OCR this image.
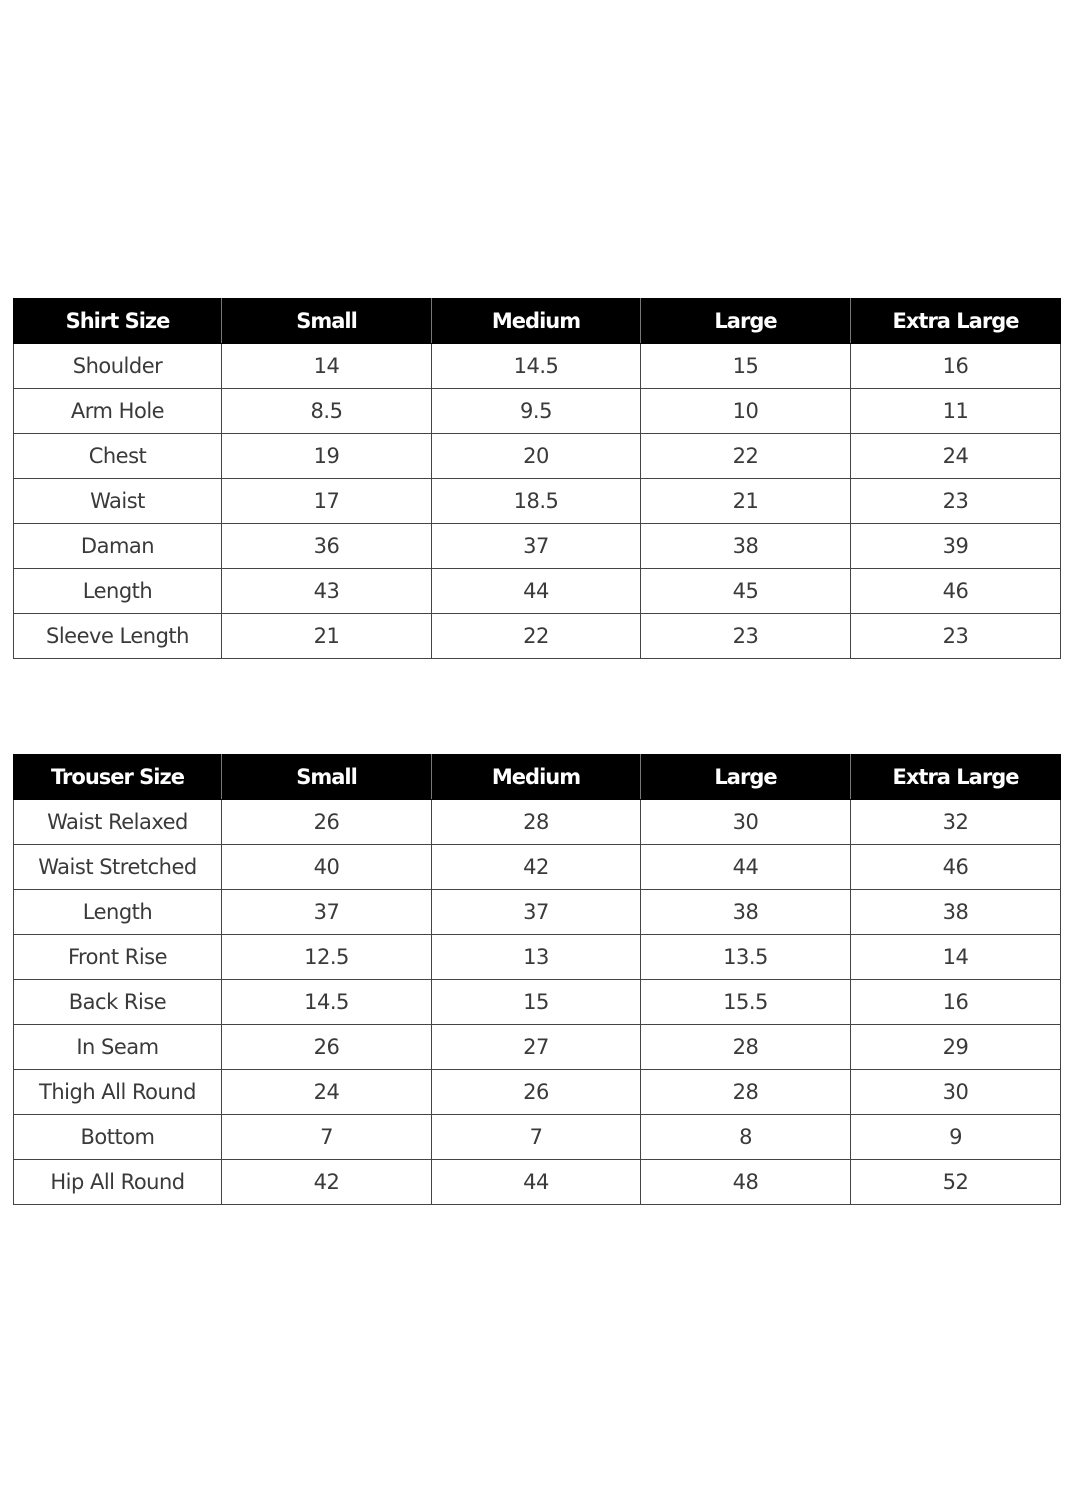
Shirt Size	Small	Medium	Large	Extra Large
Shoulder	14	14.5	15	16
Arm Hole	8.5	9.5	10	11
Chest	19	20	22	24
Waist	17	18.5	21	23
Daman	36	37	38	39
Length	43	44	45	46
Sleeve Length	21	22	23	23
Trouser Size	Small	Medium	Large	Extra Large
Waist Relaxed	26	28	30	32
Waist Stretched	40	42	44	46
Length	37	37	38	38
Front Rise	12.5	13	13.5	14
Back Rise	14.5	15	15.5	16
In Seam	26	27	28	29
Thigh All Round	24	26	28	30
Bottom	7	7	8	9
Hip All Round	42	44	48	52
